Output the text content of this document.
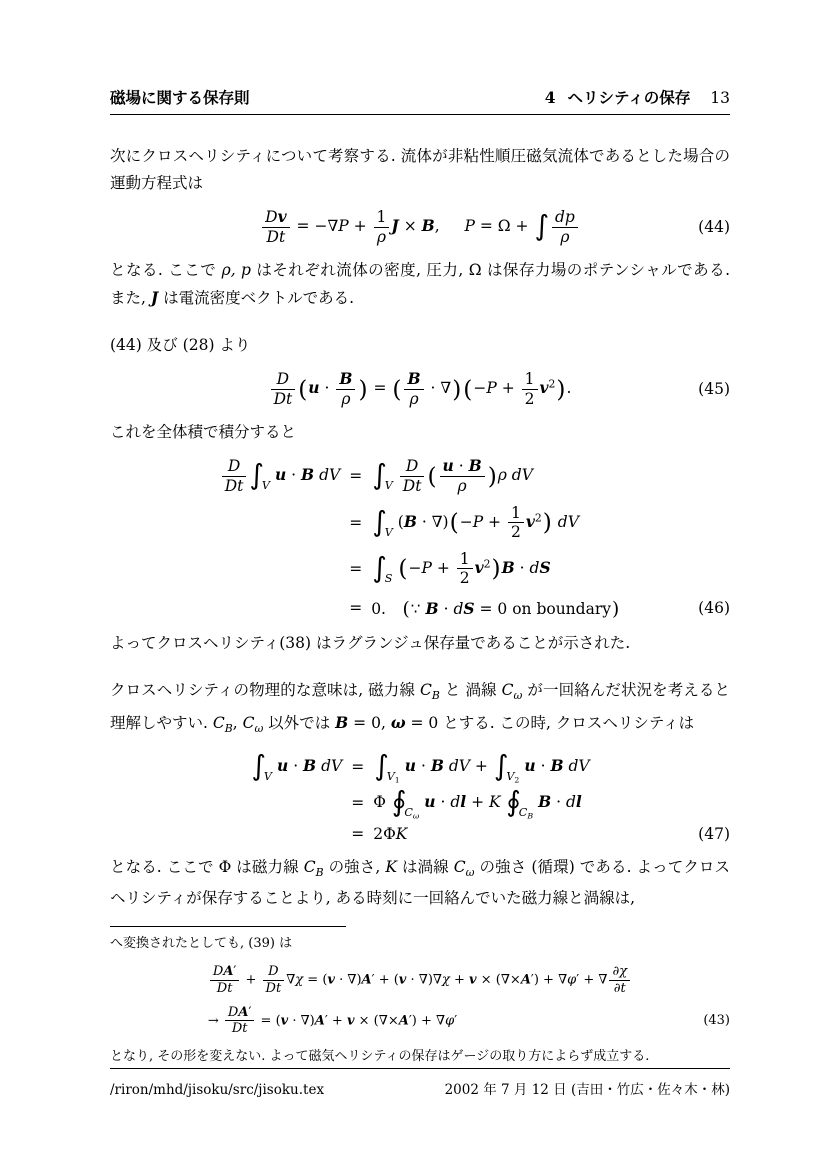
磁場に関する保存則	4 ヘリシティの保存 13

次にクロスヘリシティについて考察する. 流体が非粘性順圧磁気流体であるとした場合の運動方程式は

$\frac{Dv}{Dt} = -\nabla P + \frac{1}{\rho}$ J × B, P = Ω + ∫ $\frac{dp}{\rho}$	(44)

となる. ここで ρ, p はそれぞれ流体の密度, 圧力, Ω は保存力場のポテンシャルである. また, J は電流密度ベクトルである.

(44) 及び (28) より

$\frac{D}{Dt} (u \cdot \frac{B}{\rho}$ ) = ( $\frac{B}{\rho} \cdot \nabla)(-P + \frac{1}{2} v^2)$.	(45)

これを全体積で積分すると

$\frac{D}{Dt} \int_Vu \cdot B$ dV	=	$\int_V \frac{D}{Dt}$ ( $\frac{u \cdot B}{\rho} )\rho$ dV
	=	$\int_V(B \cdot \nabla)(-P + \frac{1}{2} v^2)$ dV
	=	$\int_S$ $(-P + \frac{1}{2} v^2)B$ · dS
	=	0. (∵ B · dS = 0 on boundary)	(46)

よってクロスヘリシティ(38) はラグランジュ保存量であることが示された.

クロスヘリシティの物理的な意味は, 磁力線 $C_B$ と 渦線 $C_\omega$ が一回絡んだ状況を考えると理解しやすい. $C_B$, $C_\omega$ 以外では B = 0, ω = 0 とする. この時, クロスヘリシティは

$\int_Vu \cdot B$ dV	=	$\int_{V_1}u \cdot B$ dV + $\int_{V_2}u \cdot B$ dV
	=	Φ $∮_{C_\omega}u$ · dl + K $∮_{C_B}B$ · dl
	=	2ΦK	(47)

となる. ここで Φ は磁力線 $C_B$ の強さ, K は渦線 $C_\omega$ の強さ (循環) である. よってクロスヘリシティが保存することより, ある時刻に一回絡んでいた磁力線と渦線は,

へ変換されたとしても, (39) は

$\frac{DA'}{Dt} + \frac{D}{Dt} \nabla\chi = (v \cdot \nabla)A' + (v \cdot \nabla)\nabla\chi + v \times (\nabla\times A') + \nabla\varphi'$ + ∇ $\frac{\partial\chi}{\partial t}$

→ $\frac{DA'}{Dt} = (v \cdot \nabla)A' + v \times (\nabla\times A') + \nabla\varphi'$	(43)

となり, その形を変えない. よって磁気ヘリシティの保存はゲージの取り方によらず成立する.

/riron/mhd/jisoku/src/jisoku.tex	2002 年 7 月 12 日 (吉田・竹広・佐々木・林)
